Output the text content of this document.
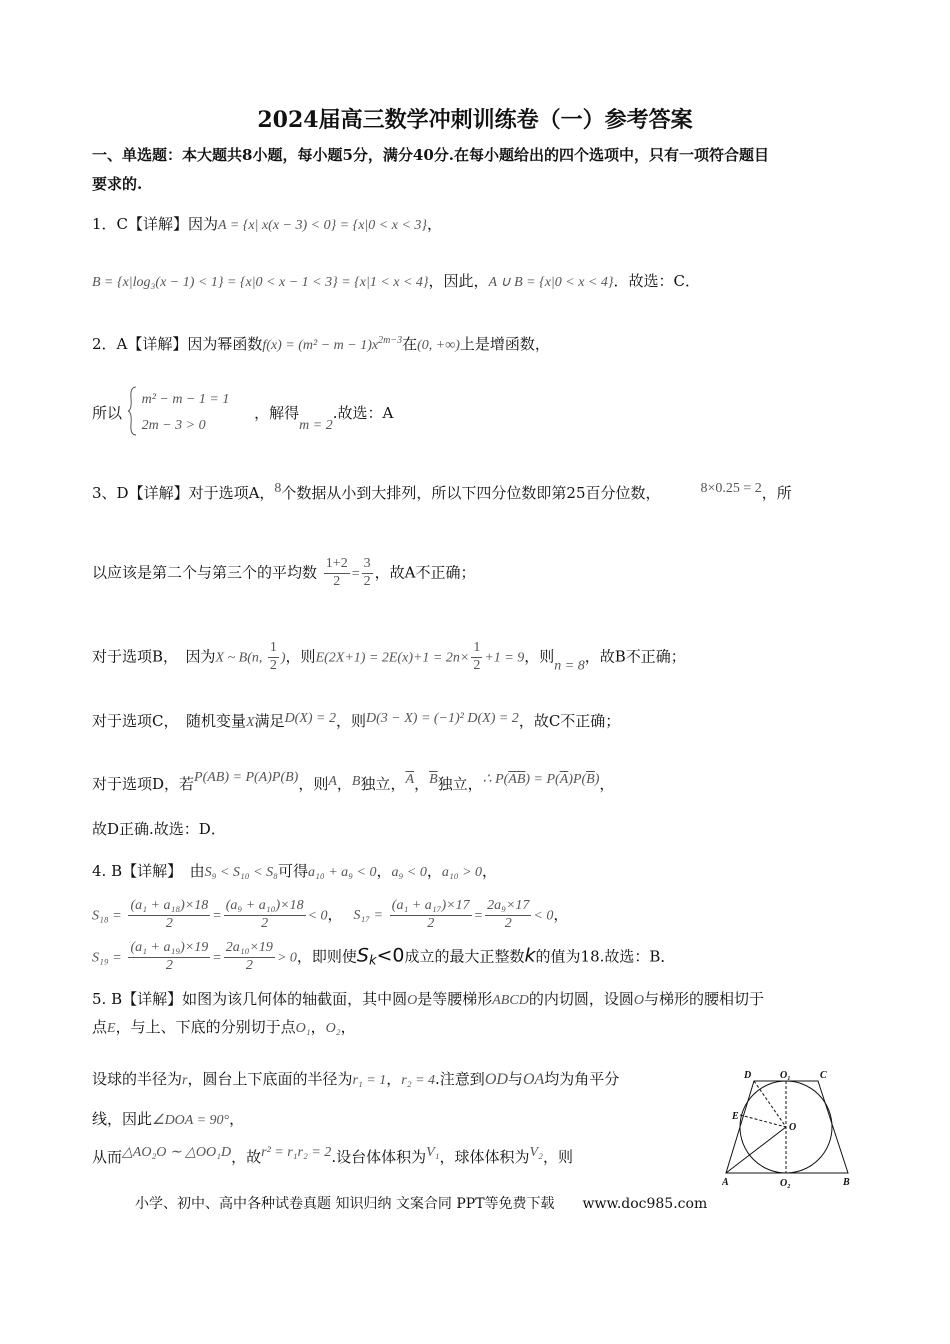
2024届高三数学冲刺训练卷（一）参考答案
一、单选题：本大题共8小题，每小题5分，满分40分.在每小题给出的四个选项中，只有一项符合题目
要求的.
1．C【详解】因为A = {x| x(x − 3) < 0} = {x|0 < x < 3}，
B = {x|log₃(x − 1) < 1} = {x|0 < x − 1 < 3} = {x|1 < x < 4}，因此，A ∪ B = {x|0 < x < 4}．故选：C．
2．A【详解】因为幂函数$f(x) = (m^2 - m - 1)x^{2m-3}$在(0, +∞)上是增函数，
所以
m² − m − 1 = 1
2m − 3 > 0
，解得m = 2.故选：A
3、D【详解】对于选项A，8个数据从小到大排列，所以下四分位数即第25百分位数，	8×0.25 = 2，所
以应该是第二个与第三个的平均数 $\frac{1+2}{2} = \frac{3}{2}$ ，故A不正确；
对于选项B，　因为X ~ B(n, $\frac{1}{2}$ )，则$E(2X+1) = 2E(x)+1 = 2n\times \frac{1}{2} +1 = 9$，则n = 8，故B不正确；
对于选项C，　随机变量X满足D(X) = 2，则D(3 − X) = (−1)² D(X) = 2，故C不正确；
对于选项D，若P(AB) = P(A)P(B)，则A，B独立，$\overline{A}$，$\overline{B}$独立，∴ $P(\overline{AB}) = P(\overline{A})P(\overline{B})$，
故D正确.故选：D．
4. B【详解】　由S₉ < S₁₀ < S₈可得a₁₀ + a₉ < 0，a₉ < 0，a₁₀ > 0，
$S_{18} = \frac{\text{(a₁ + a₁₈)×18}}{2} = \frac{\text{(a₉ + a₁₀)×18}}{2} < 0$， $S_{17} = \frac{\text{(a₁ + a₁₇)×17}}{2} = \frac{\text{2a₉×17}}{2} < 0$，
$S_{19} = \frac{\text{(a₁ + a₁₉)×19}}{2} = \frac{\text{2a₁₀×19}}{2} > 0$，即则使Sk<0成立的最大正整数k的值为18.故选：B．
5. B【详解】如图为该几何体的轴截面，其中圆O是等腰梯形ABCD的内切圆，设圆O与梯形的腰相切于
点E，与上、下底的分别切于点O₁，O₂，
设球的半径为r，圆台上下底面的半径为r₁ = 1，r₂ = 4.注意到OD与OA均为角平分
线，因此∠DOA = 90°，
从而△AO₂O ∼ △OO₁D，故r² = r₁r₂ = 2.设台体体积为V₁，球体体积为V₂，则
D	O₁	C
E
O
A	O₂	B
小学、初中、高中各种试卷真题 知识归纳 文案合同 PPT等免费下载　　www.doc985.com
